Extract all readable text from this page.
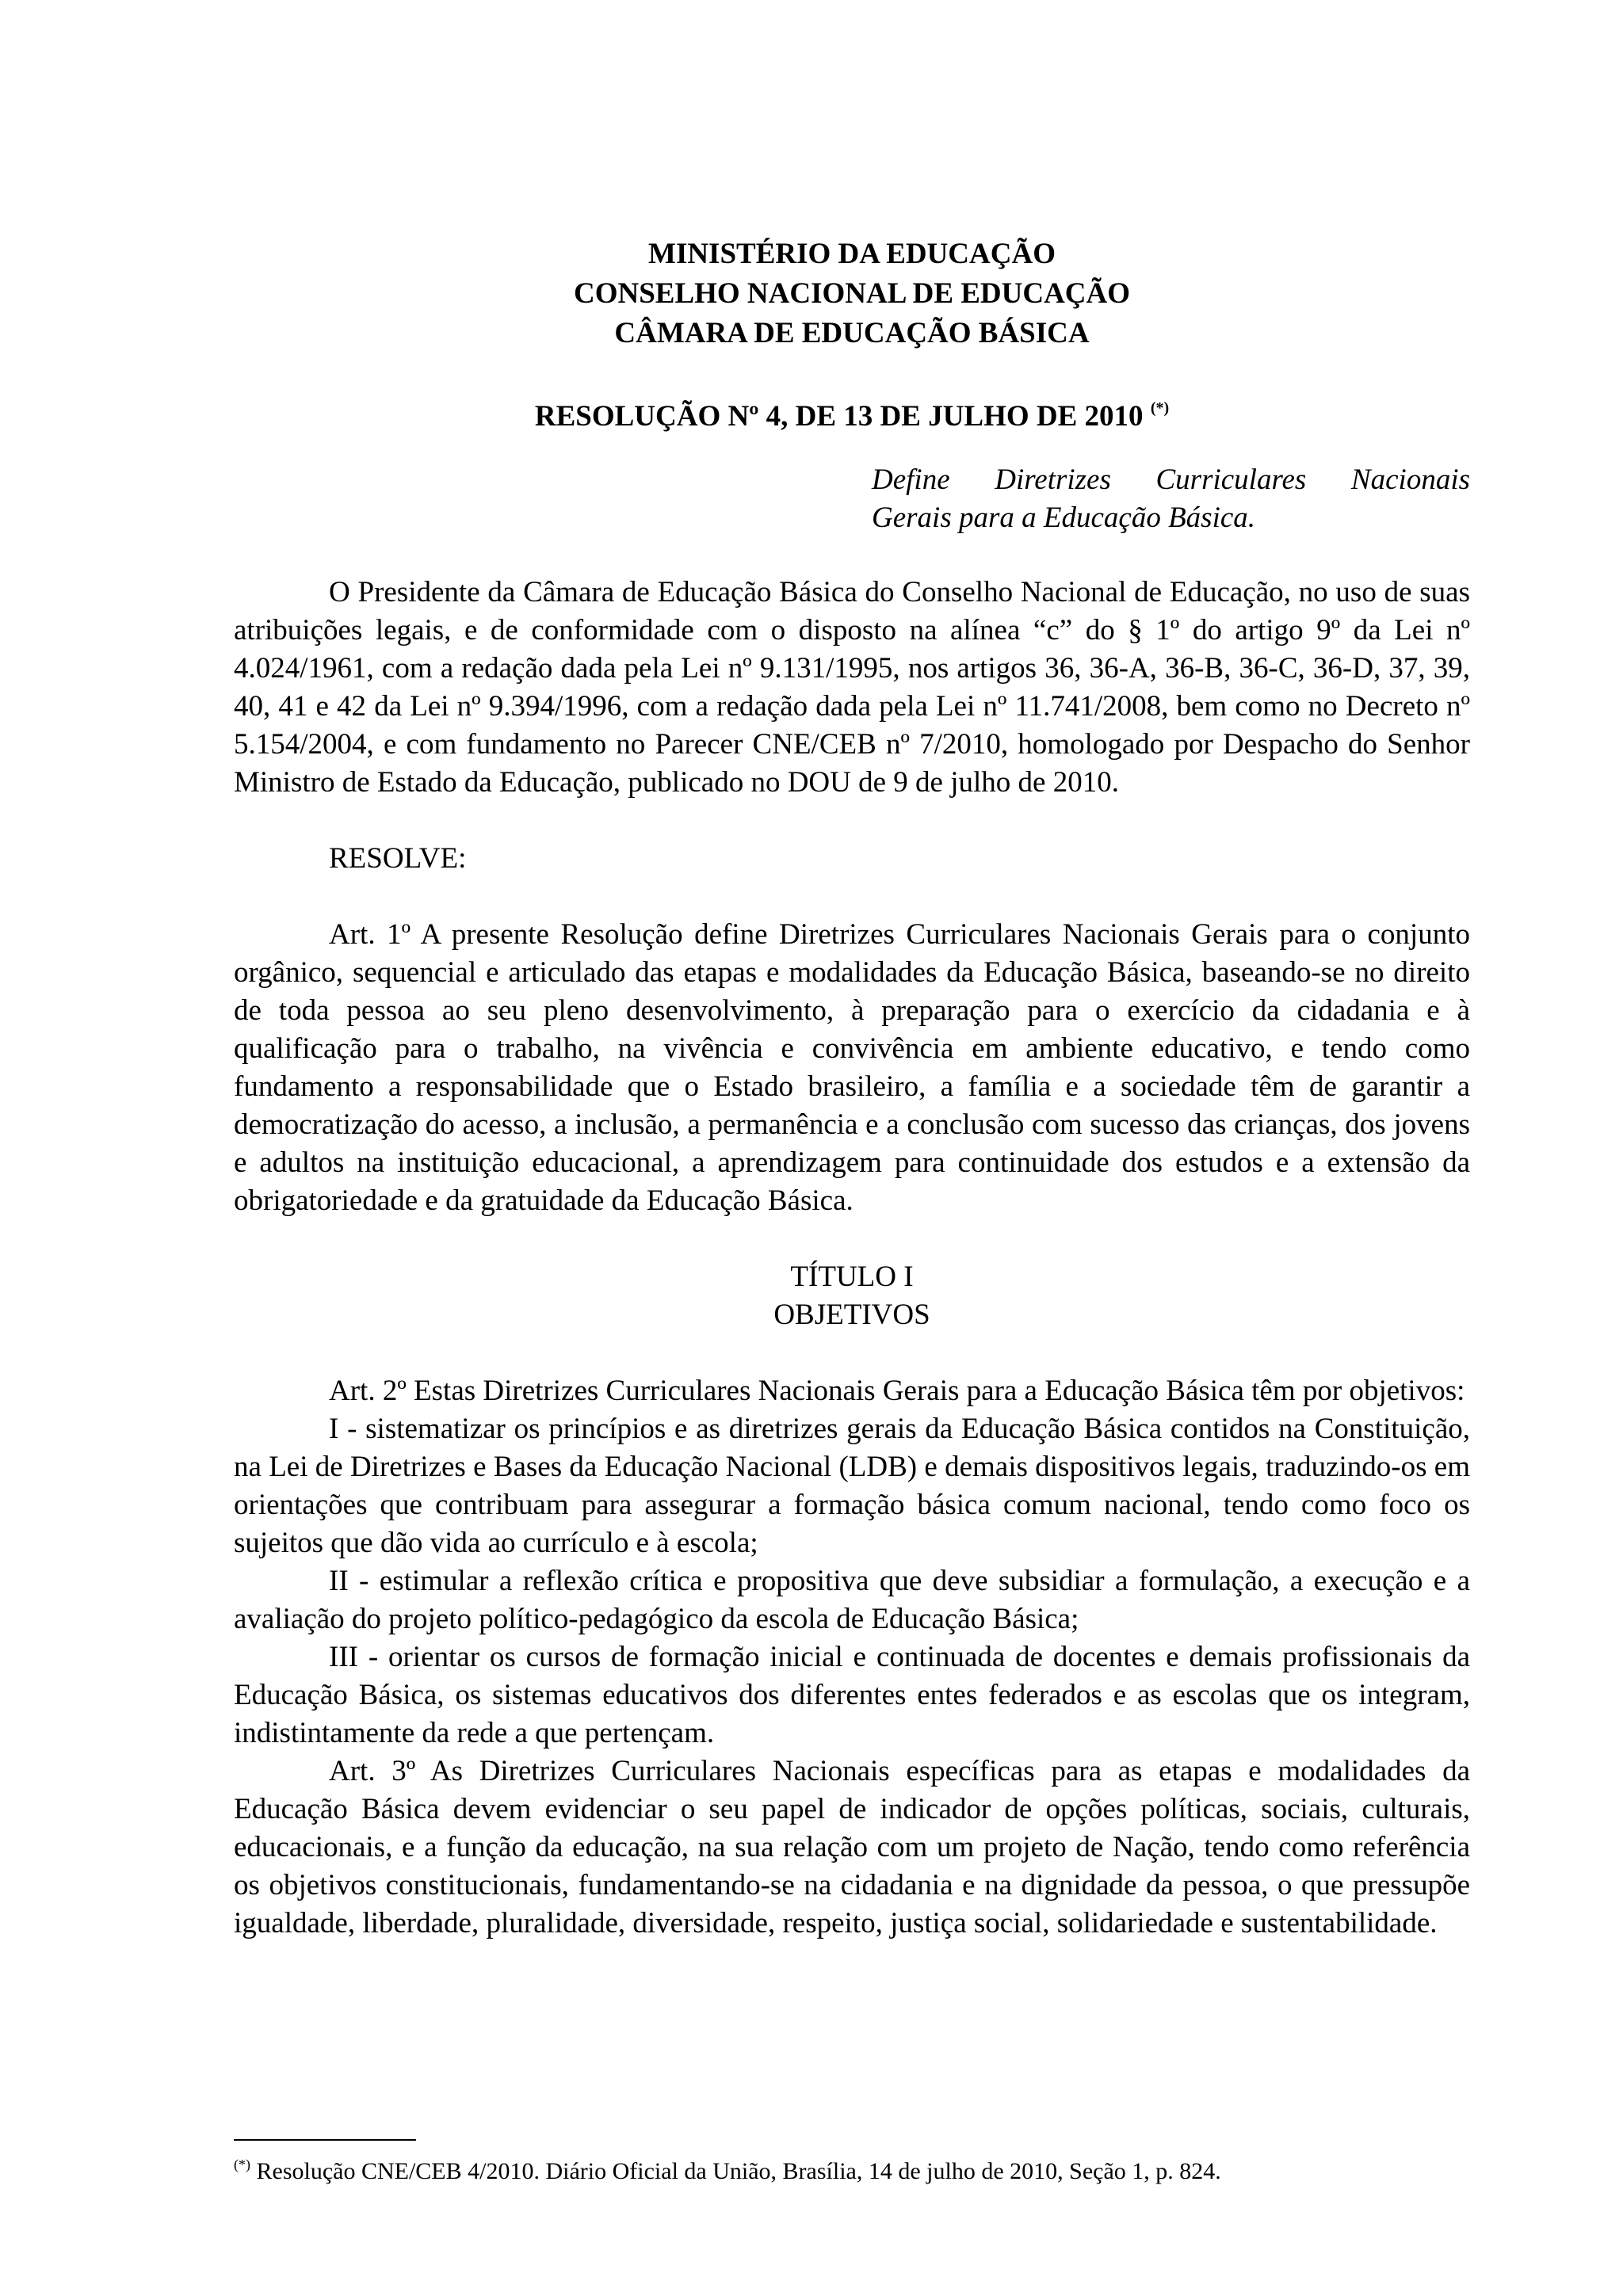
MINISTÉRIO DA EDUCAÇÃO
CONSELHO NACIONAL DE EDUCAÇÃO
CÂMARA DE EDUCAÇÃO BÁSICA
RESOLUÇÃO Nº 4, DE 13 DE JULHO DE 2010 (*)
Define Diretrizes Curriculares Nacionais
Gerais para a Educação Básica.

O Presidente da Câmara de Educação Básica do Conselho Nacional de Educação, no uso de suas atribuições legais, e de conformidade com o disposto na alínea “c” do § 1º do artigo 9º da Lei nº 4.024/1961, com a redação dada pela Lei nº 9.131/1995, nos artigos 36, 36-A, 36-B, 36-C, 36-D, 37, 39, 40, 41 e 42 da Lei nº 9.394/1996, com a redação dada pela Lei nº 11.741/2008, bem como no Decreto nº 5.154/2004, e com fundamento no Parecer CNE/CEB nº 7/2010, homologado por Despacho do Senhor Ministro de Estado da Educação, publicado no DOU de 9 de julho de 2010.

RESOLVE:

Art. 1º A presente Resolução define Diretrizes Curriculares Nacionais Gerais para o conjunto orgânico, sequencial e articulado das etapas e modalidades da Educação Básica, baseando-se no direito de toda pessoa ao seu pleno desenvolvimento, à preparação para o exercício da cidadania e à qualificação para o trabalho, na vivência e convivência em ambiente educativo, e tendo como fundamento a responsabilidade que o Estado brasileiro, a família e a sociedade têm de garantir a democratização do acesso, a inclusão, a permanência e a conclusão com sucesso das crianças, dos jovens e adultos na instituição educacional, a aprendizagem para continuidade dos estudos e a extensão da obrigatoriedade e da gratuidade da Educação Básica.

TÍTULO I
OBJETIVOS

Art. 2º Estas Diretrizes Curriculares Nacionais Gerais para a Educação Básica têm por objetivos:

I - sistematizar os princípios e as diretrizes gerais da Educação Básica contidos na Constituição, na Lei de Diretrizes e Bases da Educação Nacional (LDB) e demais dispositivos legais, traduzindo-os em orientações que contribuam para assegurar a formação básica comum nacional, tendo como foco os sujeitos que dão vida ao currículo e à escola;

II - estimular a reflexão crítica e propositiva que deve subsidiar a formulação, a execução e a avaliação do projeto político-pedagógico da escola de Educação Básica;

III - orientar os cursos de formação inicial e continuada de docentes e demais profissionais da Educação Básica, os sistemas educativos dos diferentes entes federados e as escolas que os integram, indistintamente da rede a que pertençam.

Art. 3º As Diretrizes Curriculares Nacionais específicas para as etapas e modalidades da Educação Básica devem evidenciar o seu papel de indicador de opções políticas, sociais, culturais, educacionais, e a função da educação, na sua relação com um projeto de Nação, tendo como referência os objetivos constitucionais, fundamentando-se na cidadania e na dignidade da pessoa, o que pressupõe igualdade, liberdade, pluralidade, diversidade, respeito, justiça social, solidariedade e sustentabilidade.

(*) Resolução CNE/CEB 4/2010. Diário Oficial da União, Brasília, 14 de julho de 2010, Seção 1, p. 824.
